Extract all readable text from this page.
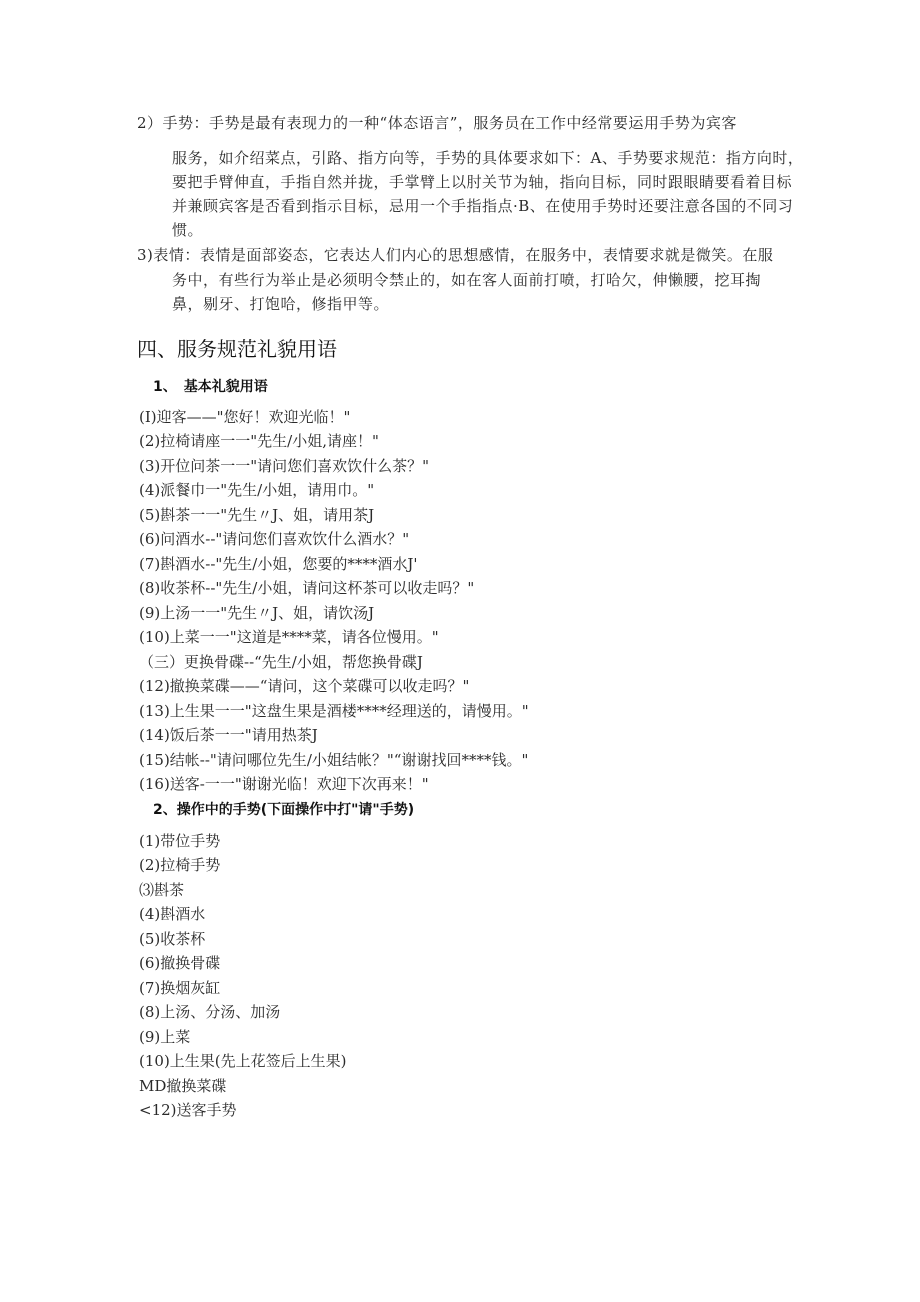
2）手势：手势是最有表现力的一种“体态语言”，服务员在工作中经常要运用手势为宾客
服务，如介绍菜点，引路、指方向等，手势的具体要求如下：A、手势要求规范：指方向时，
要把手臂伸直，手指自然并拢，手掌臂上以肘关节为轴，指向目标，同时跟眼睛要看着目标
并兼顾宾客是否看到指示目标，忌用一个手指指点·B、在使用手势时还要注意各国的不同习
惯。
3)表情：表情是面部姿态，它表达人们内心的思想感情，在服务中，表情要求就是微笑。在服
务中，有些行为举止是必须明令禁止的，如在客人面前打喷，打哈欠，伸懒腰，挖耳掏
鼻，剔牙、打饱哈，修指甲等。
四、服务规范礼貌用语
1、　基本礼貌用语
(I)迎客——"您好！欢迎光临！"
(2)拉椅请座一一"先生/小姐,请座！"
(3)开位问茶一一"请问您们喜欢饮什么茶？"
(4)派餐巾一"先生/小姐，请用巾。"
(5)斟茶一一"先生〃J、姐，请用茶J
(6)问酒水--"请问您们喜欢饮什么酒水？"
(7)斟酒水--"先生/小姐，您要的****酒水J'
(8)收茶杯--"先生/小姐，请问这杯茶可以收走吗？"
(9)上汤一一"先生〃J、姐，请饮汤J
(10)上菜一一"这道是****菜，请各位慢用。"
（三）更换骨碟--“先生/小姐，帮您换骨碟J
(12)撤换菜碟——“请问，这个菜碟可以收走吗？"
(13)上生果一一"这盘生果是酒楼****经理送的，请慢用。"
(14)饭后茶一一"请用热茶J
(15)结帐--"请问哪位先生/小姐结帐？"“谢谢找回****钱。"
(16)送客-一一"谢谢光临！欢迎下次再来！"
2、操作中的手势(下面操作中打"请"手势)
(1)带位手势
(2)拉椅手势
⑶斟茶
(4)斟酒水
(5)收茶杯
(6)撤换骨碟
(7)换烟灰缸
(8)上汤、分汤、加汤
(9)上菜
(10)上生果(先上花签后上生果)
MD撤换菜碟
<12)送客手势
